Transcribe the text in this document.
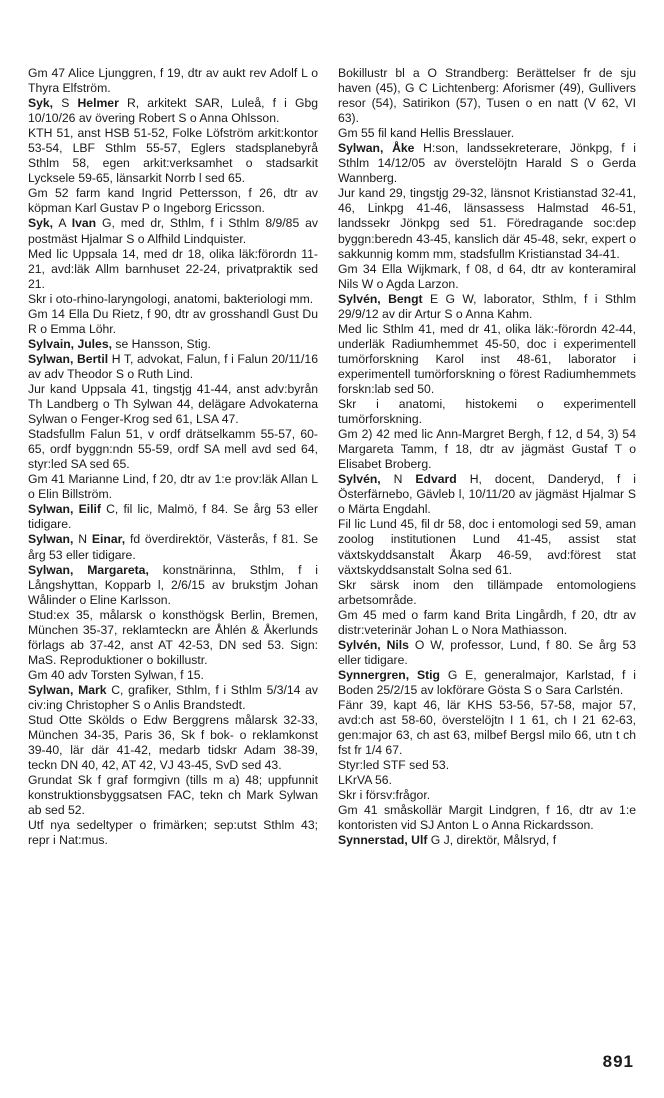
Gm 47 Alice Ljunggren, f 19, dtr av aukt rev Adolf L o Thyra Elfström.

Syk, S Helmer R, arkitekt SAR, Luleå, f i Gbg 10/10/26 av övering Robert S o Anna Ohlsson.

KTH 51, anst HSB 51-52, Folke Löfström arkit:kontor 53-54, LBF Sthlm 55-57, Eglers stadsplanebyrå Sthlm 58, egen arkit:verksamhet o stadsarkit Lycksele 59-65, länsarkit Norrb l sed 65.

Gm 52 farm kand Ingrid Pettersson, f 26, dtr av köpman Karl Gustav P o Ingeborg Ericsson.

Syk, A Ivan G, med dr, Sthlm, f i Sthlm 8/9/85 av postmäst Hjalmar S o Alfhild Lindquister.

Med lic Uppsala 14, med dr 18, olika läk:förordn 11-21, avd:läk Allm barnhuset 22-24, privatpraktik sed 21.

Skr i oto-rhino-laryngologi, anatomi, bakteriologi mm.

Gm 14 Ella Du Rietz, f 90, dtr av grosshandl Gust Du R o Emma Löhr.

Sylvain, Jules, se Hansson, Stig.

Sylwan, Bertil H T, advokat, Falun, f i Falun 20/11/16 av adv Theodor S o Ruth Lind.

Jur kand Uppsala 41, tingstjg 41-44, anst adv:byrån Th Landberg o Th Sylwan 44, delägare Advokaterna Sylwan o Fenger-Krog sed 61, LSA 47.

Stadsfullm Falun 51, v ordf drätselkamm 55-57, 60-65, ordf byggn:ndn 55-59, ordf SA mell avd sed 64, styr:led SA sed 65.

Gm 41 Marianne Lind, f 20, dtr av 1:e prov:läk Allan L o Elin Billström.

Sylwan, Eilif C, fil lic, Malmö, f 84. Se årg 53 eller tidigare.

Sylwan, N Einar, fd överdirektör, Västerås, f 81. Se årg 53 eller tidigare.

Sylwan, Margareta, konstnärinna, Sthlm, f i Långshyttan, Kopparb l, 2/6/15 av brukstjm Johan Wålinder o Eline Karlsson.

Stud:ex 35, målarsk o konsthögsk Berlin, Bremen, München 35-37, reklamteckn are Åhlén & Åkerlunds förlags ab 37-42, anst AT 42-53, DN sed 53. Sign: MaS. Reproduktioner o bokillustr.

Gm 40 adv Torsten Sylwan, f 15.

Sylwan, Mark C, grafiker, Sthlm, f i Sthlm 5/3/14 av civ:ing Christopher S o Anlis Brandstedt.

Stud Otte Skölds o Edw Berggrens målarsk 32-33, München 34-35, Paris 36, Sk f bok- o reklamkonst 39-40, lär där 41-42, medarb tidskr Adam 38-39, teckn DN 40, 42, AT 42, VJ 43-45, SvD sed 43.

Grundat Sk f graf formgivn (tills m a) 48; uppfunnit konstruktionsbyggsatsen FAC, tekn ch Mark Sylwan ab sed 52.

Utf nya sedeltyper o frimärken; sep:utst Sthlm 43; repr i Nat:mus.

Bokillustr bl a O Strandberg: Berättelser fr de sju haven (45), G C Lichtenberg: Aforismer (49), Gullivers resor (54), Satirikon (57), Tusen o en natt (V 62, VI 63).

Gm 55 fil kand Hellis Bresslauer.

Sylwan, Åke H:son, landssekreterare, Jönkpg, f i Sthlm 14/12/05 av överstelöjtn Harald S o Gerda Wannberg.

Jur kand 29, tingstjg 29-32, länsnot Kristianstad 32-41, 46, Linkpg 41-46, länsassess Halmstad 46-51, landssekr Jönkpg sed 51. Föredragande soc:dep byggn:beredn 43-45, kanslich där 45-48, sekr, expert o sakkunnig komm mm, stadsfullm Kristianstad 34-41.

Gm 34 Ella Wijkmark, f 08, d 64, dtr av konteramiral Nils W o Agda Larzon.

Sylvén, Bengt E G W, laborator, Sthlm, f i Sthlm 29/9/12 av dir Artur S o Anna Kahm.

Med lic Sthlm 41, med dr 41, olika läk:-förordn 42-44, underläk Radiumhemmet 45-50, doc i experimentell tumörforskning Karol inst 48-61, laborator i experimentell tumörforskning o förest Radiumhemmets forskn:lab sed 50.

Skr i anatomi, histokemi o experimentell tumörforskning.

Gm 2) 42 med lic Ann-Margret Bergh, f 12, d 54, 3) 54 Margareta Tamm, f 18, dtr av jägmäst Gustaf T o Elisabet Broberg.

Sylvén, N Edvard H, docent, Danderyd, f i Österfärnebo, Gävleb l, 10/11/20 av jägmäst Hjalmar S o Märta Engdahl.

Fil lic Lund 45, fil dr 58, doc i entomologi sed 59, aman zoolog institutionen Lund 41-45, assist stat växtskyddsanstalt Åkarp 46-59, avd:förest stat växtskyddsanstalt Solna sed 61.

Skr särsk inom den tillämpade entomologiens arbetsområde.

Gm 45 med o farm kand Brita Lingårdh, f 20, dtr av distr:veterinär Johan L o Nora Mathiasson.

Sylvén, Nils O W, professor, Lund, f 80. Se årg 53 eller tidigare.

Synnergren, Stig G E, generalmajor, Karlstad, f i Boden 25/2/15 av lokförare Gösta S o Sara Carlstén.

Fänr 39, kapt 46, lär KHS 53-56, 57-58, major 57, avd:ch ast 58-60, överstelöjtn I 1 61, ch I 21 62-63, gen:major 63, ch ast 63, milbef Bergsl milo 66, utn t ch fst fr 1/4 67.

Styr:led STF sed 53.

LKrVA 56.

Skr i försv:frågor.

Gm 41 småskollär Margit Lindgren, f 16, dtr av 1:e kontoristen vid SJ Anton L o Anna Rickardsson.

Synnerstad, Ulf G J, direktör, Målsryd, f

891
